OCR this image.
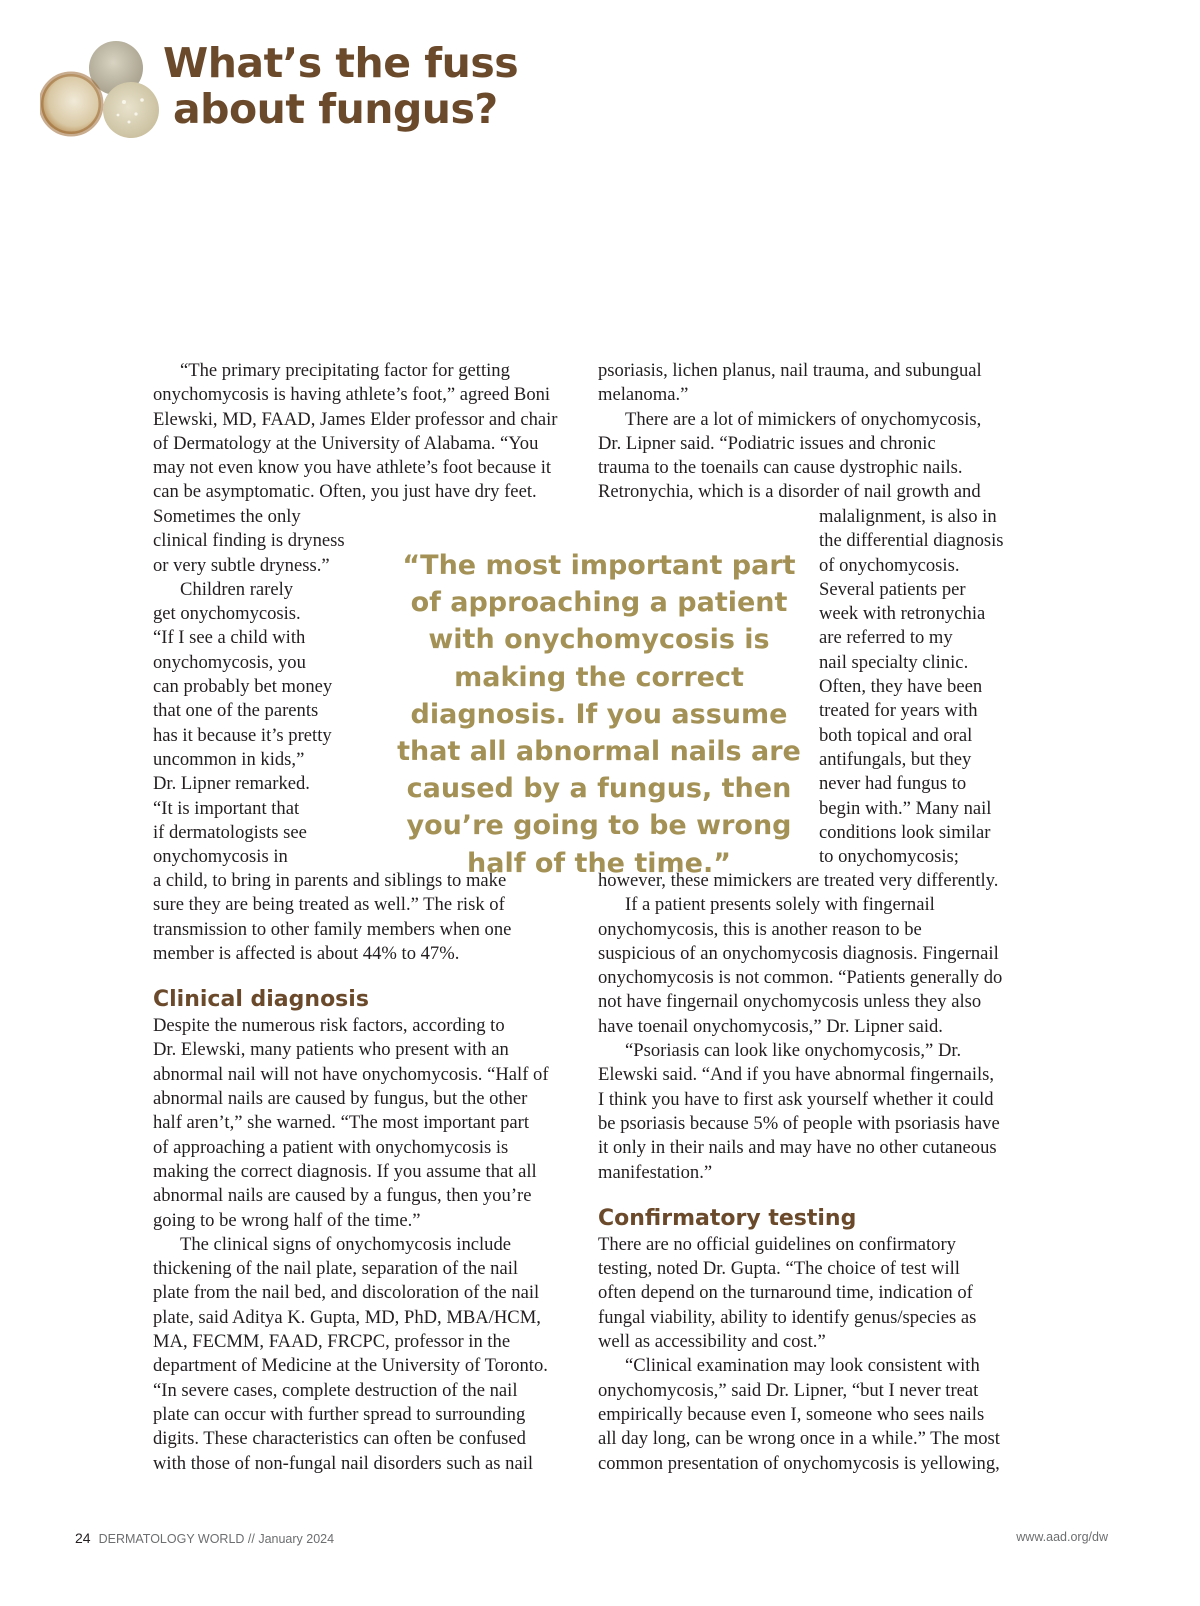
What’s the fuss
about fungus?

“The primary precipitating factor for getting

onychomycosis is having athlete’s foot,” agreed Boni

Elewski, MD, FAAD, James Elder professor and chair

of Dermatology at the University of Alabama. “You

may not even know you have athlete’s foot because it

can be asymptomatic. Often, you just have dry feet.

Sometimes the only

clinical finding is dryness

or very subtle dryness.”

Children rarely

get onychomycosis.

“If I see a child with

onychomycosis, you

can probably bet money

that one of the parents

has it because it’s pretty

uncommon in kids,”

Dr. Lipner remarked.

“It is important that

if dermatologists see

onychomycosis in

a child, to bring in parents and siblings to make

sure they are being treated as well.” The risk of

transmission to other family members when one

member is affected is about 44% to 47%.

Clinical diagnosis

Despite the numerous risk factors, according to

Dr. Elewski, many patients who present with an

abnormal nail will not have onychomycosis. “Half of

abnormal nails are caused by fungus, but the other

half aren’t,” she warned. “The most important part

of approaching a patient with onychomycosis is

making the correct diagnosis. If you assume that all

abnormal nails are caused by a fungus, then you’re

going to be wrong half of the time.”

The clinical signs of onychomycosis include

thickening of the nail plate, separation of the nail

plate from the nail bed, and discoloration of the nail

plate, said Aditya K. Gupta, MD, PhD, MBA/HCM,

MA, FECMM, FAAD, FRCPC, professor in the

department of Medicine at the University of Toronto.

“In severe cases, complete destruction of the nail

plate can occur with further spread to surrounding

digits. These characteristics can often be confused

with those of non-fungal nail disorders such as nail

“The most important part of approaching a patient with onychomycosis is making the correct diagnosis. If you assume that all abnormal nails are caused by a fungus, then you’re going to be wrong half of the time.”

psoriasis, lichen planus, nail trauma, and subungual

melanoma.”

There are a lot of mimickers of onychomycosis,

Dr. Lipner said. “Podiatric issues and chronic

trauma to the toenails can cause dystrophic nails.

Retronychia, which is a disorder of nail growth and

malalignment, is also in

the differential diagnosis

of onychomycosis.

Several patients per

week with retronychia

are referred to my

nail specialty clinic.

Often, they have been

treated for years with

both topical and oral

antifungals, but they

never had fungus to

begin with.” Many nail

conditions look similar

to onychomycosis;

however, these mimickers are treated very differently.

If a patient presents solely with fingernail

onychomycosis, this is another reason to be

suspicious of an onychomycosis diagnosis. Fingernail

onychomycosis is not common. “Patients generally do

not have fingernail onychomycosis unless they also

have toenail onychomycosis,” Dr. Lipner said.

“Psoriasis can look like onychomycosis,” Dr.

Elewski said. “And if you have abnormal fingernails,

I think you have to first ask yourself whether it could

be psoriasis because 5% of people with psoriasis have

it only in their nails and may have no other cutaneous

manifestation.”

Confirmatory testing

There are no official guidelines on confirmatory

testing, noted Dr. Gupta. “The choice of test will

often depend on the turnaround time, indication of

fungal viability, ability to identify genus/species as

well as accessibility and cost.”

“Clinical examination may look consistent with

onychomycosis,” said Dr. Lipner, “but I never treat

empirically because even I, someone who sees nails

all day long, can be wrong once in a while.” The most

common presentation of onychomycosis is yellowing,

24 DERMATOLOGY WORLD // January 2024	www.aad.org/dw
